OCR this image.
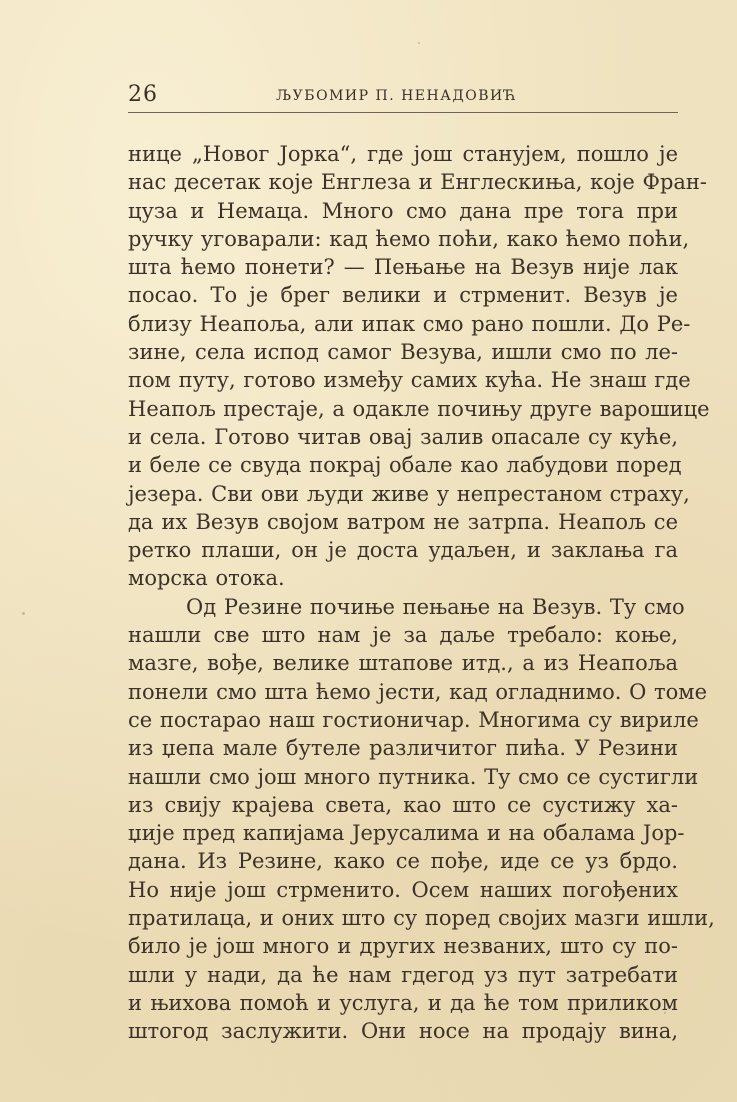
26	ЉУБОМИР П. НЕНАДОВИЋ
нице „Новог Јорка“, где још станујем, пошло је
нас десетак које Енглеза и Енглескиња, које Фран-
цуза и Немаца. Много смо дана пре тога при
ручку уговарали: кад ћемо поћи, како ћемо поћи,
шта ћемо понети? — Пењање на Везув није лак
посао. То је брег велики и стрменит. Везув је
близу Неапоља, али ипак смо рано пошли. До Ре-
зине, села испод самог Везува, ишли смо по ле-
пом путу, готово између самих кућа. Не знаш где
Неапољ престаје, а одакле почињу друге варошице
и села. Готово читав овај залив опасале су куће,
и беле се свуда покрај обале као лабудови поред
језера. Сви ови људи живе у непрестаном страху,
да их Везув својом ватром не затрпа. Неапољ се
ретко плаши, он је доста удаљен, и заклања га
морска отока.
Од Резине почиње пењање на Везув. Ту смо
нашли све што нам је за даље требало: коње,
мазге, вође, велике штапове итд., а из Неапоља
понели смо шта ћемо јести, кад огладнимо. О томе
се постарао наш гостионичар. Многима су вириле
из џепа мале бутеле различитог пића. У Резини
нашли смо још много путника. Ту смо се сустигли
из свију крајева света, као што се сустижу ха-
џије пред капијама Јерусалима и на обалама Јор-
дана. Из Резине, како се пође, иде се уз брдо.
Но није још стрменито. Осем наших погођених
пратилаца, и оних што су поред својих мазги ишли,
било је још много и других незваних, што су по-
шли у нади, да ће нам гдегод уз пут затребати
и њихова помоћ и услуга, и да ће том приликом
штогод заслужити. Они носе на продају вина,
